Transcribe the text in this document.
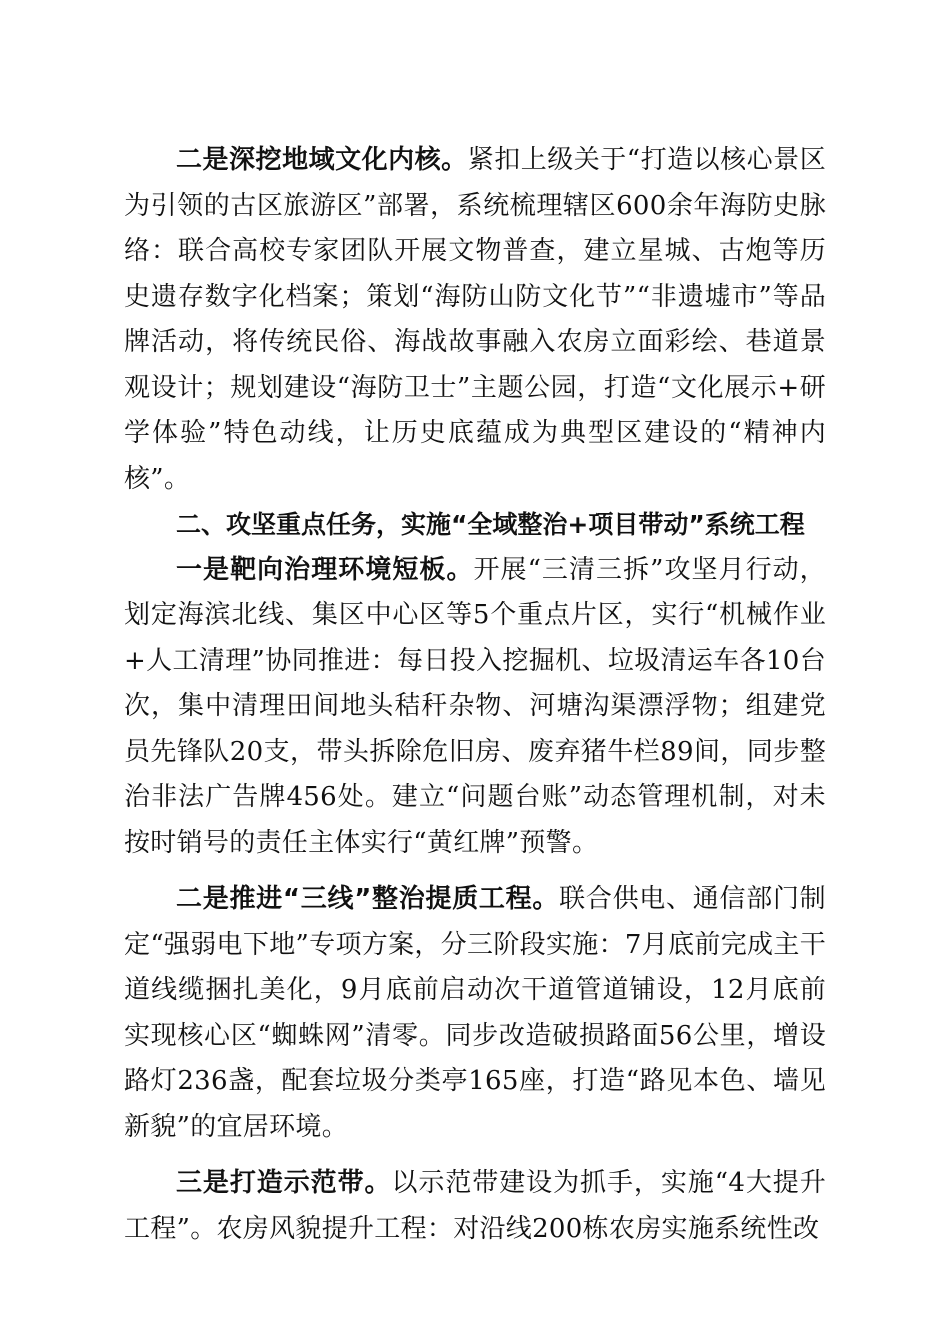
二是深挖地域文化内核。紧扣上级关于“打造以核心景区为引领的古区旅游区”部署，系统梳理辖区600余年海防史脉络：联合高校专家团队开展文物普查，建立星城、古炮等历史遗存数字化档案；策划“海防山防文化节”“非遗墟市”等品牌活动，将传统民俗、海战故事融入农房立面彩绘、巷道景观设计；规划建设“海防卫士”主题公园，打造“文化展示+研学体验”特色动线，让历史底蕴成为典型区建设的“精神内核”。

二、攻坚重点任务，实施“全域整治+项目带动”系统工程

一是靶向治理环境短板。开展“三清三拆”攻坚月行动，划定海滨北线、集区中心区等5个重点片区，实行“机械作业+人工清理”协同推进：每日投入挖掘机、垃圾清运车各10台次，集中清理田间地头秸秆杂物、河塘沟渠漂浮物；组建党员先锋队20支，带头拆除危旧房、废弃猪牛栏89间，同步整治非法广告牌456处。建立“问题台账”动态管理机制，对未按时销号的责任主体实行“黄红牌”预警。

二是推进“三线”整治提质工程。联合供电、通信部门制定“强弱电下地”专项方案，分三阶段实施：7月底前完成主干道线缆捆扎美化，9月底前启动次干道管道铺设，12月底前实现核心区“蜘蛛网”清零。同步改造破损路面56公里，增设路灯236盏，配套垃圾分类亭165座，打造“路见本色、墙见新貌”的宜居环境。

三是打造示范带。以示范带建设为抓手，实施“4大提升工程”。农房风貌提升工程：对沿线200栋农房实施系统性改
